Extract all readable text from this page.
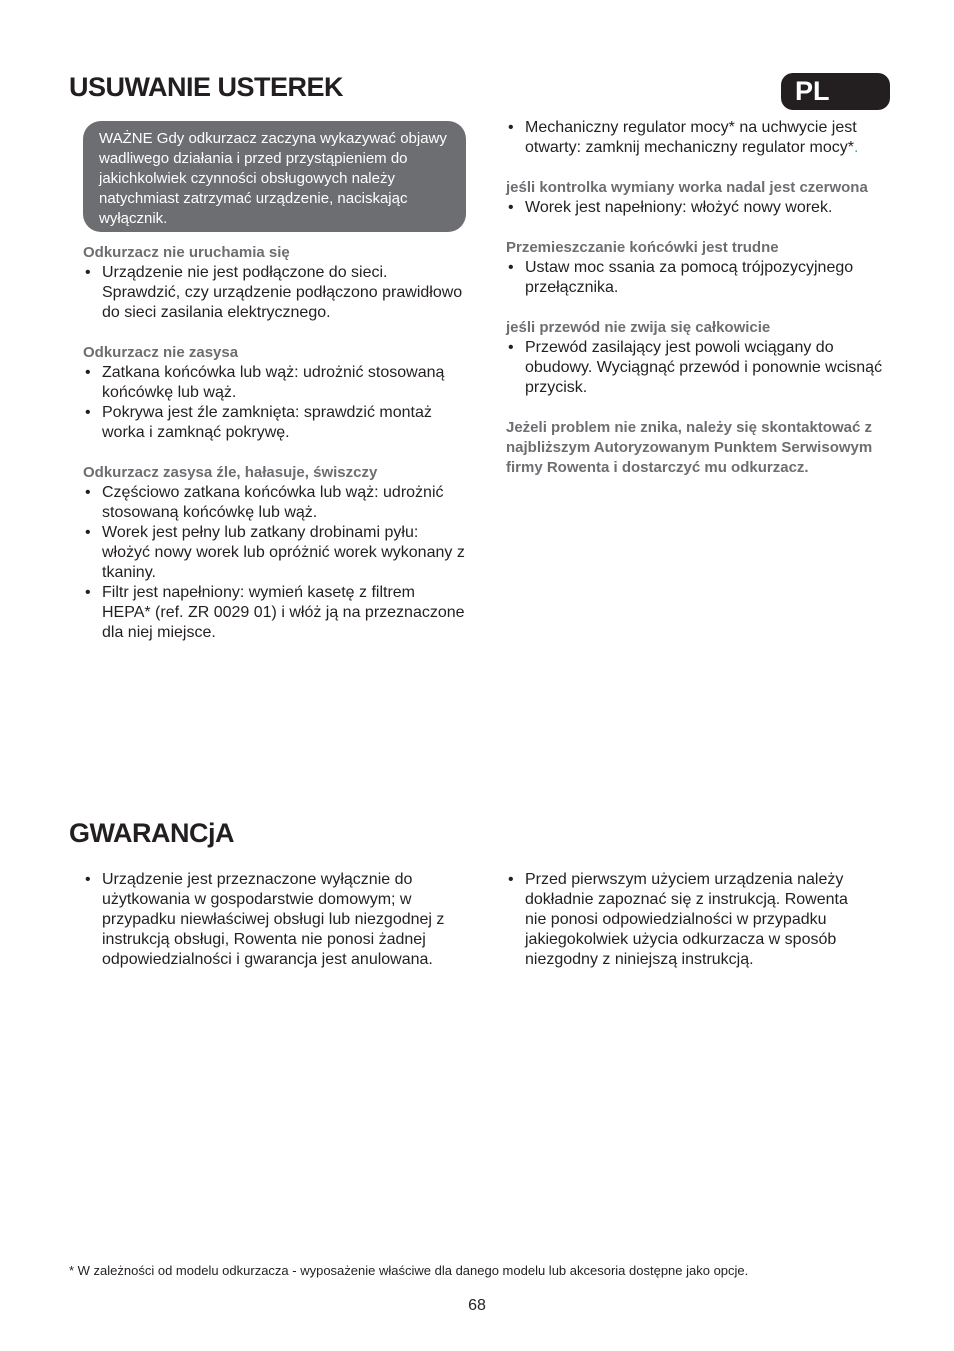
USUWANIE USTEREK	PL
WAŻNE Gdy odkurzacz zaczyna wykazywać objawy wadliwego działania i przed przystąpieniem do jakichkolwiek czynności obsługowych należy natychmiast zatrzymać urządzenie, naciskając wyłącznik.
Odkurzacz nie uruchamia się
• Urządzenie nie jest podłączone do sieci. Sprawdzić, czy urządzenie podłączono prawidłowo do sieci zasilania elektrycznego.
Odkurzacz nie zasysa
• Zatkana końcówka lub wąż: udrożnić stosowaną końcówkę lub wąż.
• Pokrywa jest źle zamknięta: sprawdzić montaż worka i zamknąć pokrywę.
Odkurzacz zasysa źle, hałasuje, świszczy
• Częściowo zatkana końcówka lub wąż: udrożnić stosowaną końcówkę lub wąż.
• Worek jest pełny lub zatkany drobinami pyłu: włożyć nowy worek lub opróżnić worek wykonany z tkaniny.
• Filtr jest napełniony: wymień kasetę z filtrem HEPA* (ref. ZR 0029 01) i włóż ją na przeznaczone dla niej miejsce.
• Mechaniczny regulator mocy* na uchwycie jest otwarty: zamknij mechaniczny regulator mocy*.
jeśli kontrolka wymiany worka nadal jest czerwona
• Worek jest napełniony: włożyć nowy worek.
Przemieszczanie końcówki jest trudne
• Ustaw moc ssania za pomocą trójpozycyjnego przełącznika.
jeśli przewód nie zwija się całkowicie
• Przewód zasilający jest powoli wciągany do obudowy. Wyciągnąć przewód i ponownie wcisnąć przycisk.
Jeżeli problem nie znika, należy się skontaktować z najbliższym Autoryzowanym Punktem Serwisowym firmy Rowenta i dostarczyć mu odkurzacz.
GWARANCjA
• Urządzenie jest przeznaczone wyłącznie do użytkowania w gospodarstwie domowym; w przypadku niewłaściwej obsługi lub niezgodnej z instrukcją obsługi, Rowenta nie ponosi żadnej odpowiedzialności i gwarancja jest anulowana.
• Przed pierwszym użyciem urządzenia należy dokładnie zapoznać się z instrukcją. Rowenta nie ponosi odpowiedzialności w przypadku jakiegokolwiek użycia odkurzacza w sposób niezgodny z niniejszą instrukcją.
* W zależności od modelu odkurzacza - wyposażenie właściwe dla danego modelu lub akcesoria dostępne jako opcje.
68
